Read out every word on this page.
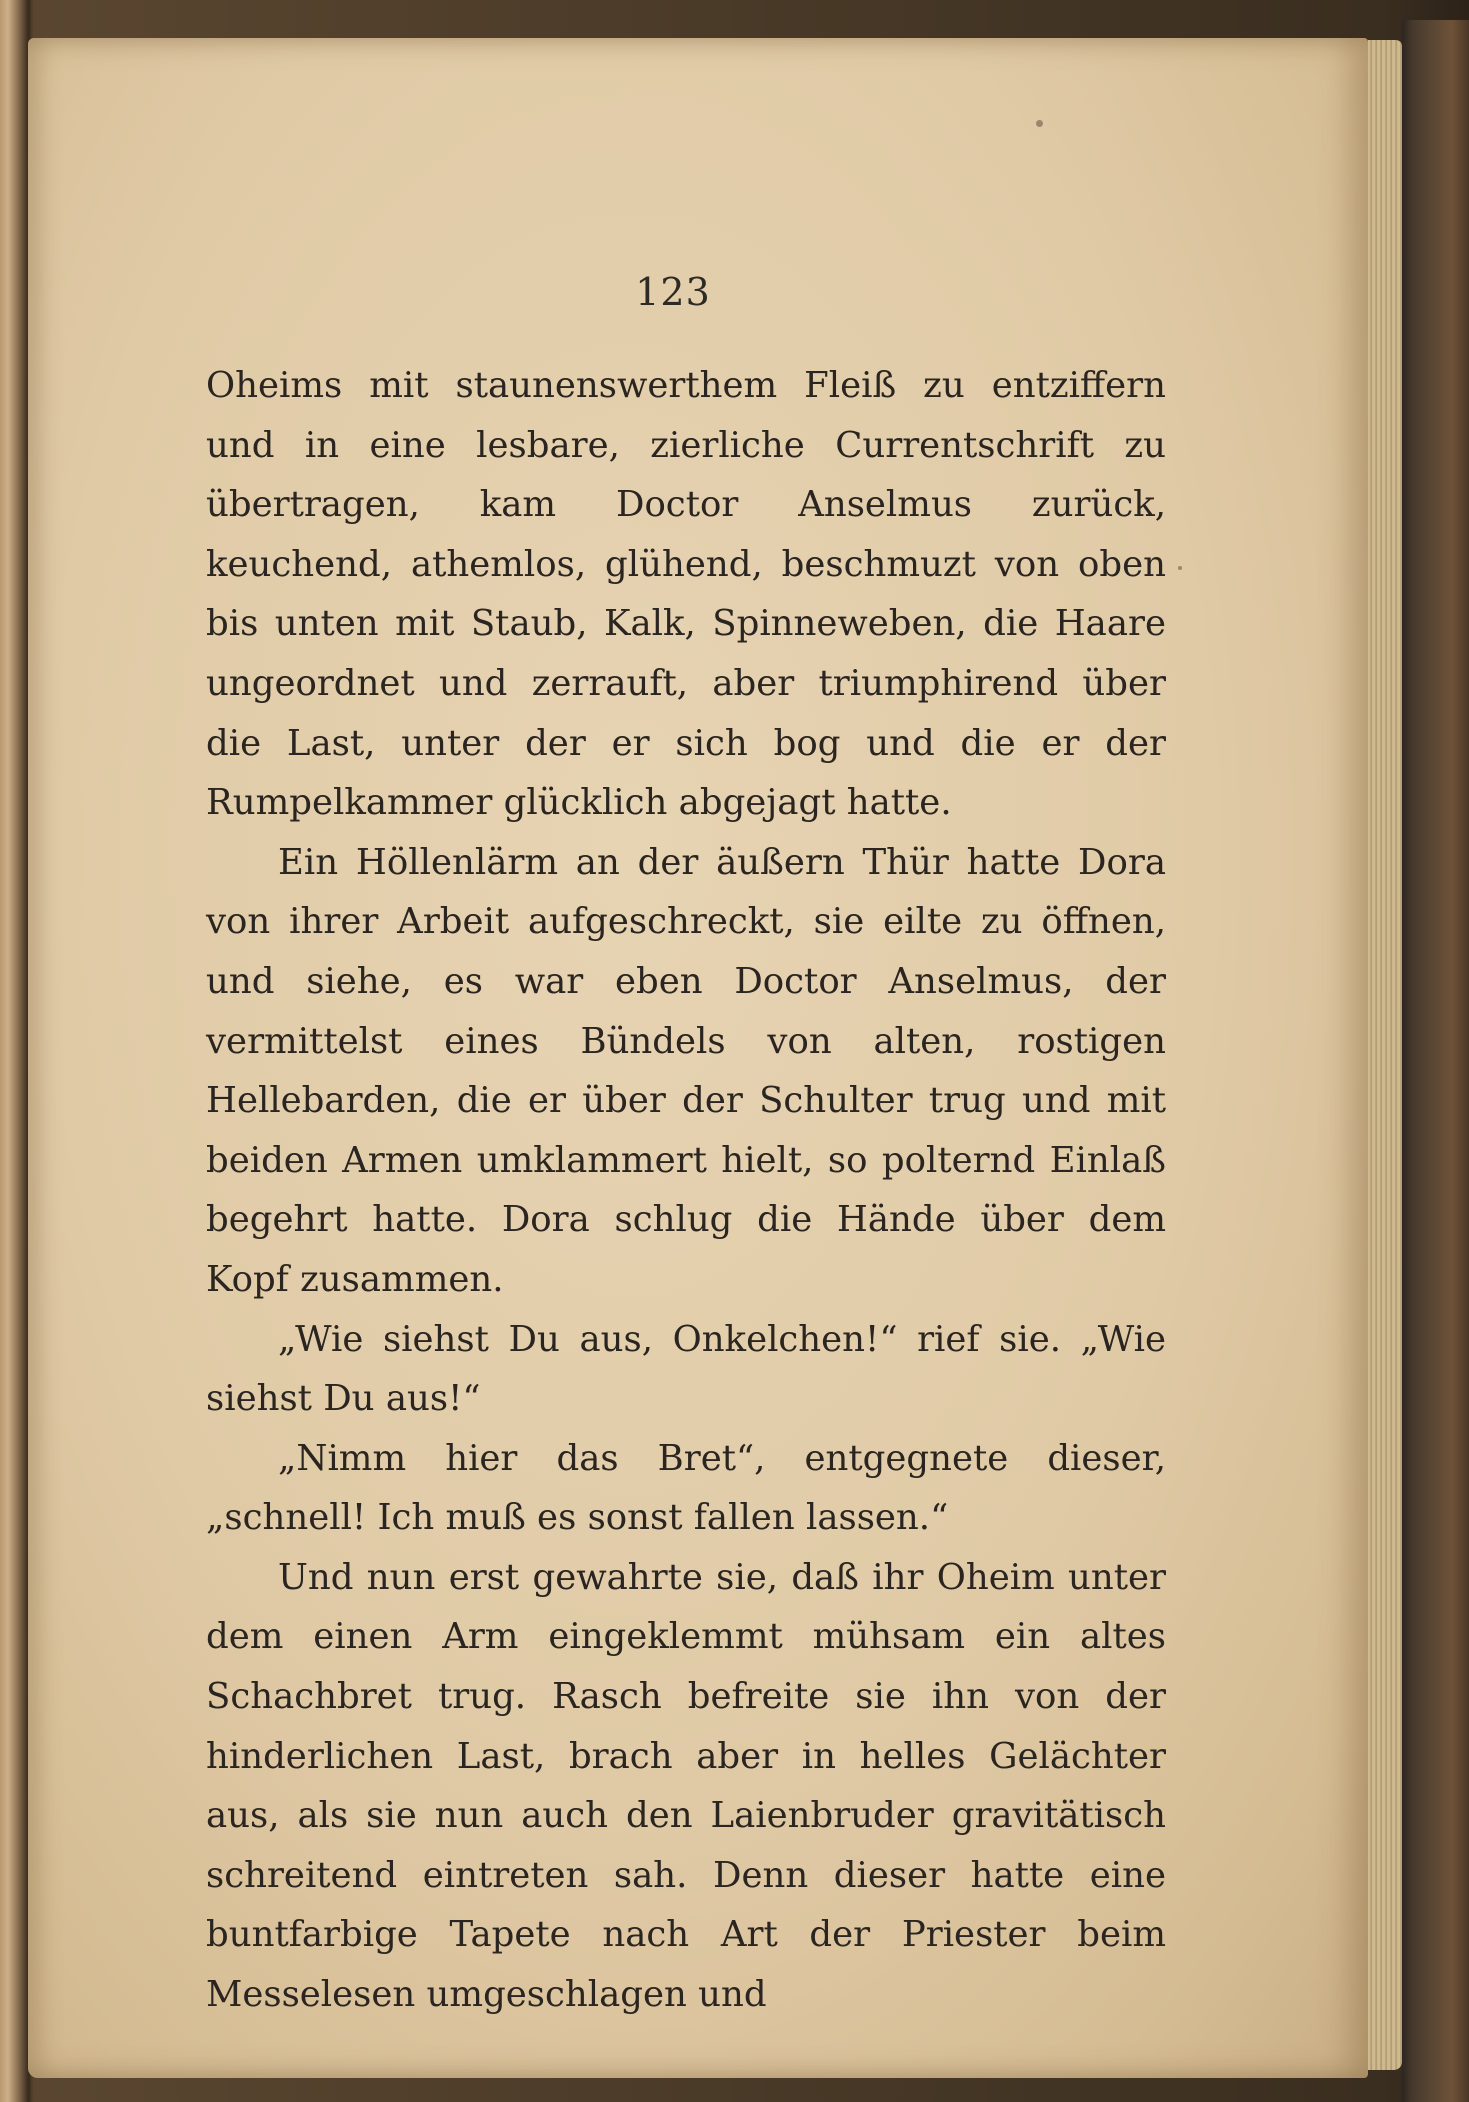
123

Oheims mit staunenswerthem Fleiß zu entziffern und in eine lesbare, zierliche Currentschrift zu übertragen, kam Doctor Anselmus zurück, keuchend, athemlos, glühend, beschmuzt von oben bis unten mit Staub, Kalk, Spinneweben, die Haare ungeordnet und zerrauft, aber triumphirend über die Last, unter der er sich bog und die er der Rumpelkammer glücklich abgejagt hatte.

Ein Höllenlärm an der äußern Thür hatte Dora von ihrer Arbeit aufgeschreckt, sie eilte zu öffnen, und siehe, es war eben Doctor Anselmus, der vermittelst eines Bündels von alten, rostigen Hellebarden, die er über der Schulter trug und mit beiden Armen umklammert hielt, so polternd Einlaß begehrt hatte. Dora schlug die Hände über dem Kopf zusammen.

„Wie siehst Du aus, Onkelchen!“ rief sie. „Wie siehst Du aus!“

„Nimm hier das Bret“, entgegnete dieser, „schnell! Ich muß es sonst fallen lassen.“

Und nun erst gewahrte sie, daß ihr Oheim unter dem einen Arm eingeklemmt mühsam ein altes Schachbret trug. Rasch befreite sie ihn von der hinderlichen Last, brach aber in helles Gelächter aus, als sie nun auch den Laienbruder gravitätisch schreitend eintreten sah. Denn dieser hatte eine buntfarbige Tapete nach Art der Priester beim Messelesen umgeschlagen und
